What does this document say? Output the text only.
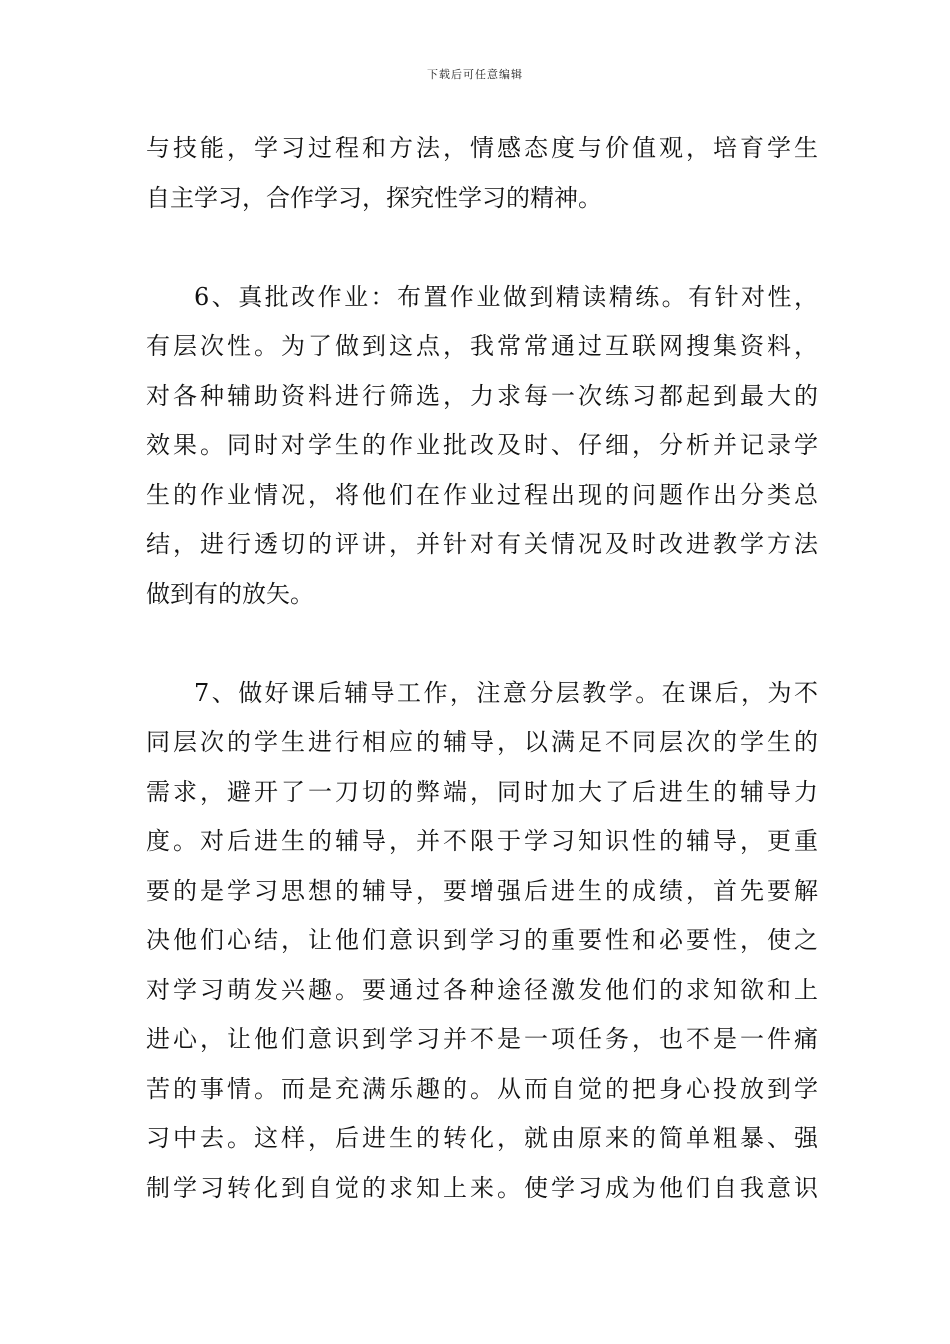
下载后可任意编辑
与技能，学习过程和方法，情感态度与价值观，培育学生
自主学习，合作学习，探究性学习的精神。
6、真批改作业：布置作业做到精读精练。有针对性，
有层次性。为了做到这点，我常常通过互联网搜集资料，
对各种辅助资料进行筛选，力求每一次练习都起到最大的
效果。同时对学生的作业批改及时、仔细，分析并记录学
生的作业情况，将他们在作业过程出现的问题作出分类总
结，进行透切的评讲，并针对有关情况及时改进教学方法
做到有的放矢。
7、做好课后辅导工作，注意分层教学。在课后，为不
同层次的学生进行相应的辅导，以满足不同层次的学生的
需求，避开了一刀切的弊端，同时加大了后进生的辅导力
度。对后进生的辅导，并不限于学习知识性的辅导，更重
要的是学习思想的辅导，要增强后进生的成绩，首先要解
决他们心结，让他们意识到学习的重要性和必要性，使之
对学习萌发兴趣。要通过各种途径激发他们的求知欲和上
进心，让他们意识到学习并不是一项任务，也不是一件痛
苦的事情。而是充满乐趣的。从而自觉的把身心投放到学
习中去。这样，后进生的转化，就由原来的简单粗暴、强
制学习转化到自觉的求知上来。使学习成为他们自我意识
